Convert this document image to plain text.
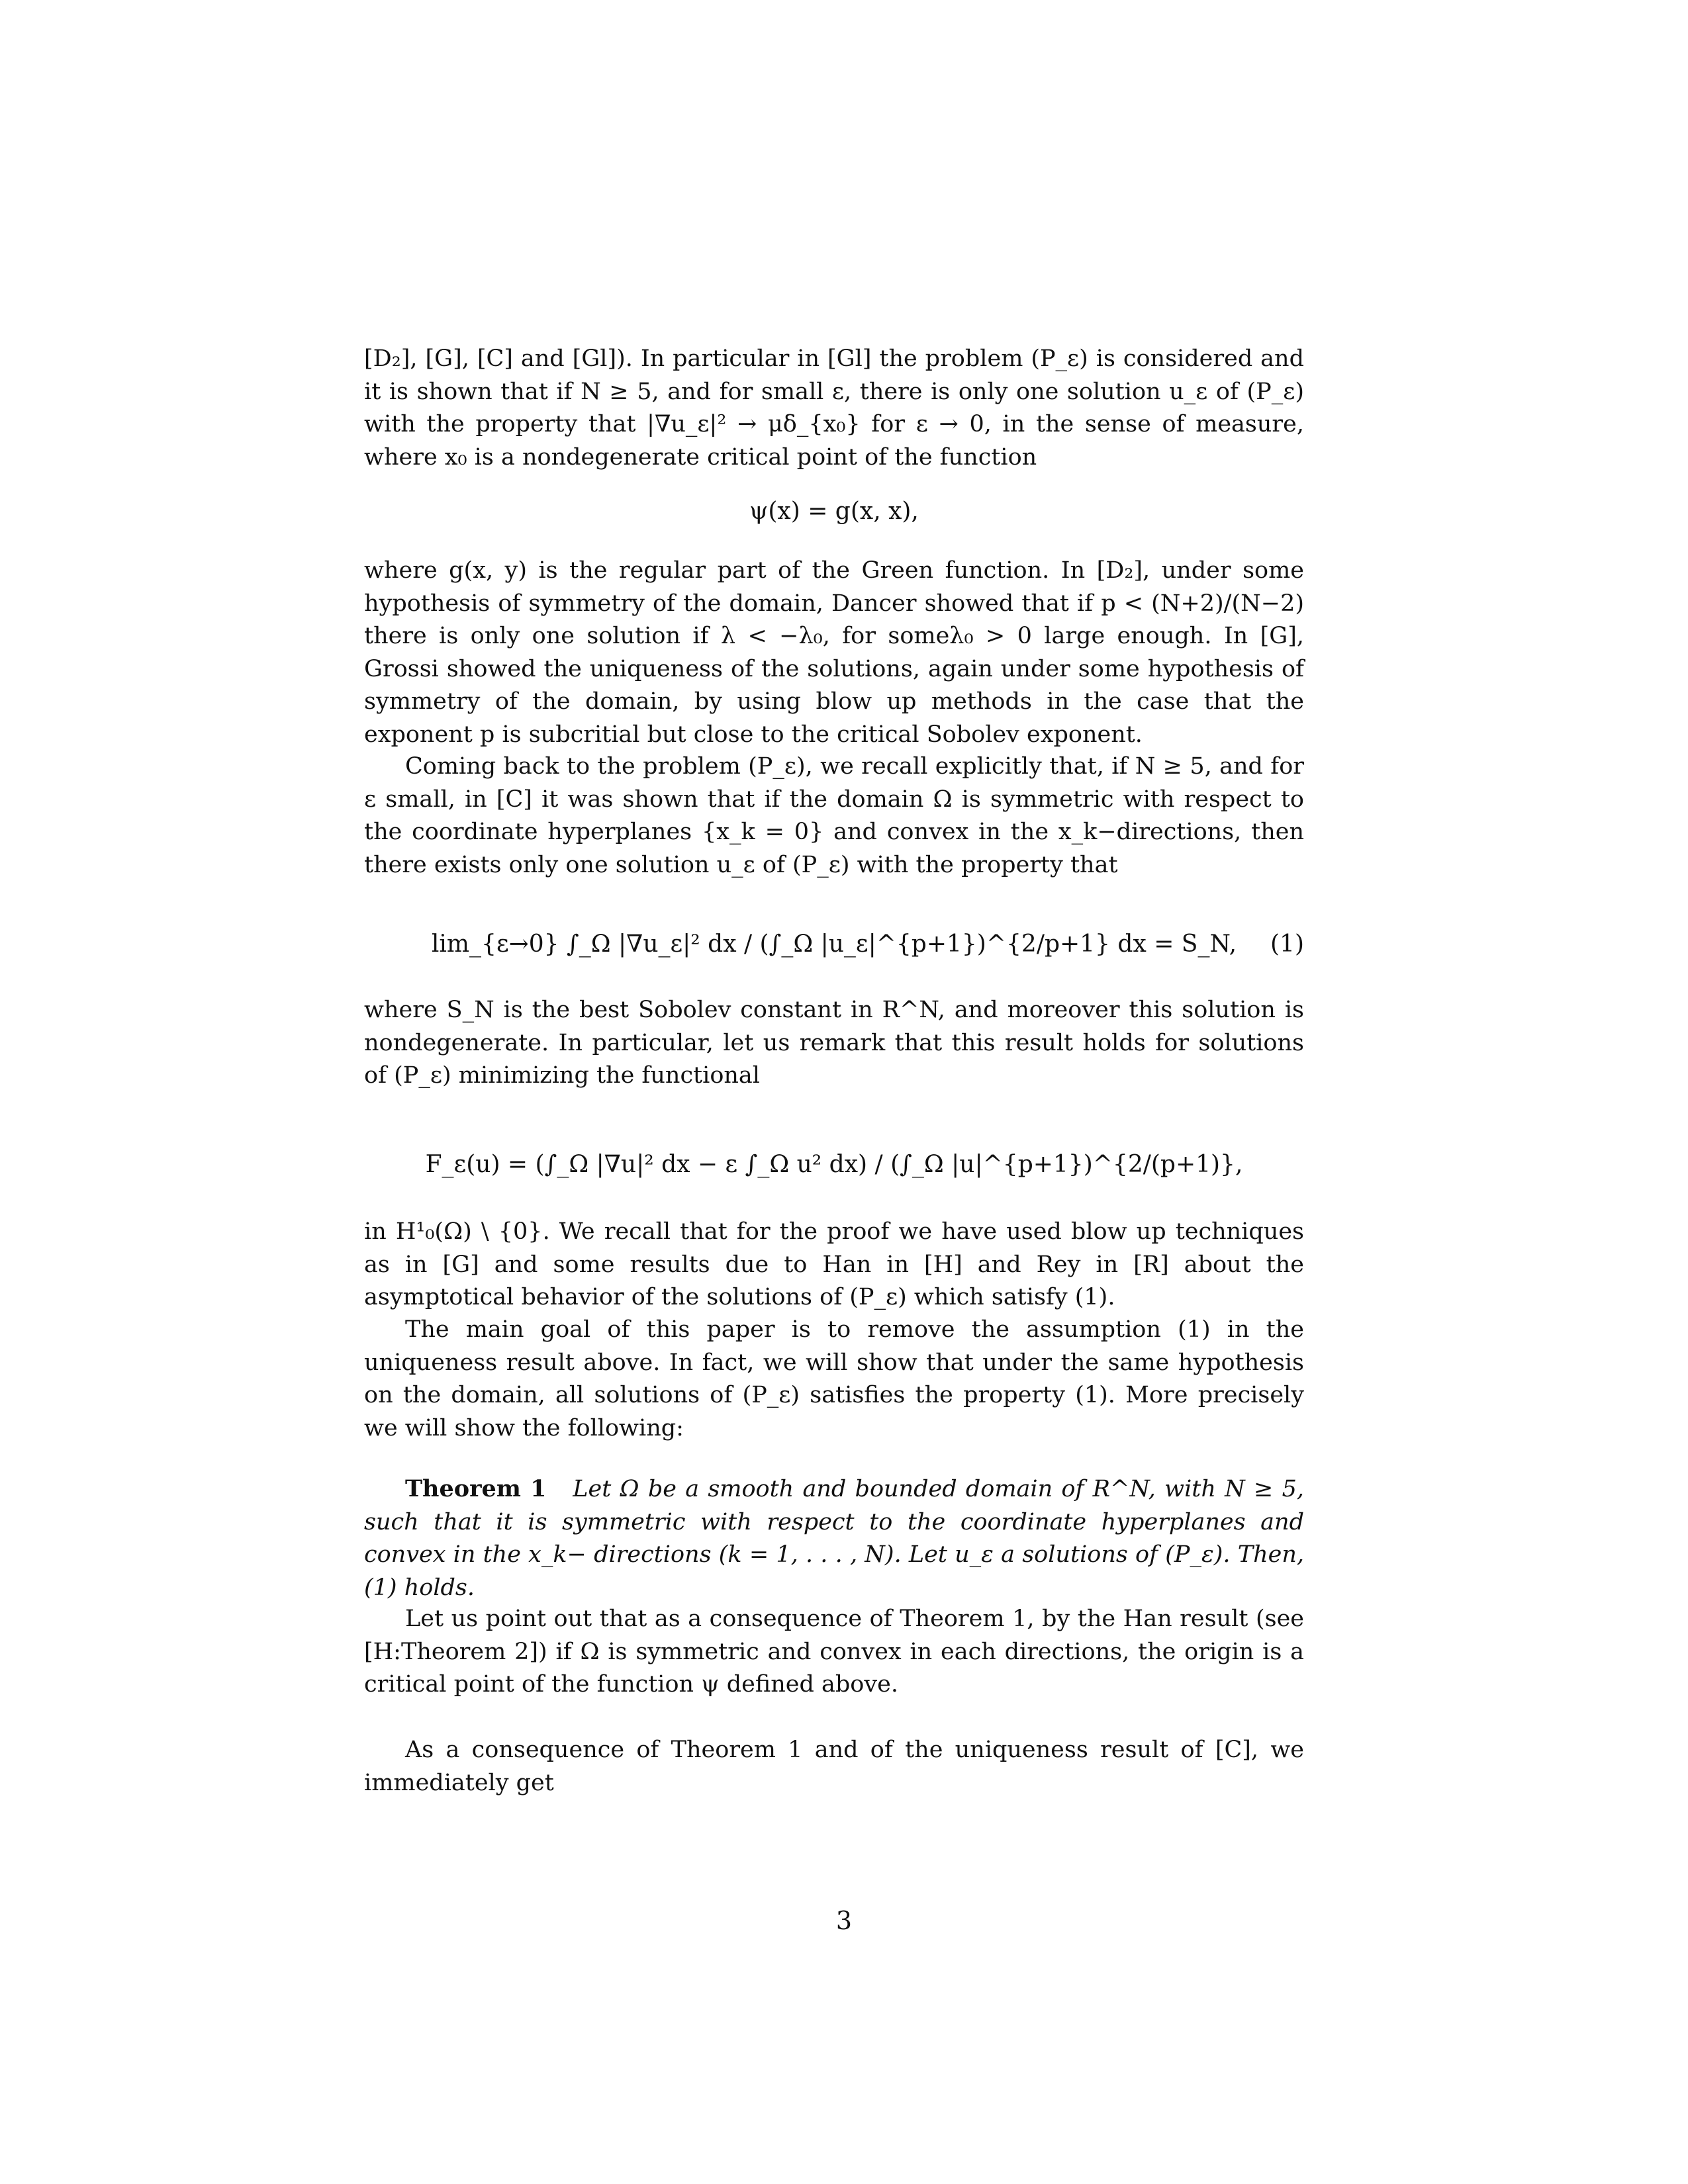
[D₂], [G], [C] and [Gl]). In particular in [Gl] the problem (P_ε) is considered and it is shown that if N ≥ 5, and for small ε, there is only one solution u_ε of (P_ε) with the property that |∇u_ε|² → μδ_{x₀} for ε → 0, in the sense of measure, where x₀ is a nondegenerate critical point of the function

ψ(x) = g(x, x),

where g(x, y) is the regular part of the Green function. In [D₂], under some hypothesis of symmetry of the domain, Dancer showed that if p < (N+2)/(N−2) there is only one solution if λ < −λ₀, for someλ₀ > 0 large enough. In [G], Grossi showed the uniqueness of the solutions, again under some hypothesis of symmetry of the domain, by using blow up methods in the case that the exponent p is subcritial but close to the critical Sobolev exponent.

Coming back to the problem (P_ε), we recall explicitly that, if N ≥ 5, and for ε small, in [C] it was shown that if the domain Ω is symmetric with respect to the coordinate hyperplanes {x_k = 0} and convex in the x_k−directions, then there exists only one solution u_ε of (P_ε) with the property that

lim_{ε→0} ∫_Ω |∇u_ε|² dx / (∫_Ω |u_ε|^{p+1})^{2/p+1} dx = S_N, (1)

where S_N is the best Sobolev constant in R^N, and moreover this solution is nondegenerate. In particular, let us remark that this result holds for solutions of (P_ε) minimizing the functional

F_ε(u) = (∫_Ω |∇u|² dx − ε ∫_Ω u² dx) / (∫_Ω |u|^{p+1})^{2/(p+1)},

in H¹₀(Ω) \ {0}. We recall that for the proof we have used blow up techniques as in [G] and some results due to Han in [H] and Rey in [R] about the asymptotical behavior of the solutions of (P_ε) which satisfy (1).

The main goal of this paper is to remove the assumption (1) in the uniqueness result above. In fact, we will show that under the same hypothesis on the domain, all solutions of (P_ε) satisfies the property (1). More precisely we will show the following:

Theorem 1 Let Ω be a smooth and bounded domain of R^N, with N ≥ 5, such that it is symmetric with respect to the coordinate hyperplanes and convex in the x_k− directions (k = 1, . . . , N). Let u_ε a solutions of (P_ε). Then, (1) holds.

Let us point out that as a consequence of Theorem 1, by the Han result (see [H:Theorem 2]) if Ω is symmetric and convex in each directions, the origin is a critical point of the function ψ defined above.

As a consequence of Theorem 1 and of the uniqueness result of [C], we immediately get

3
